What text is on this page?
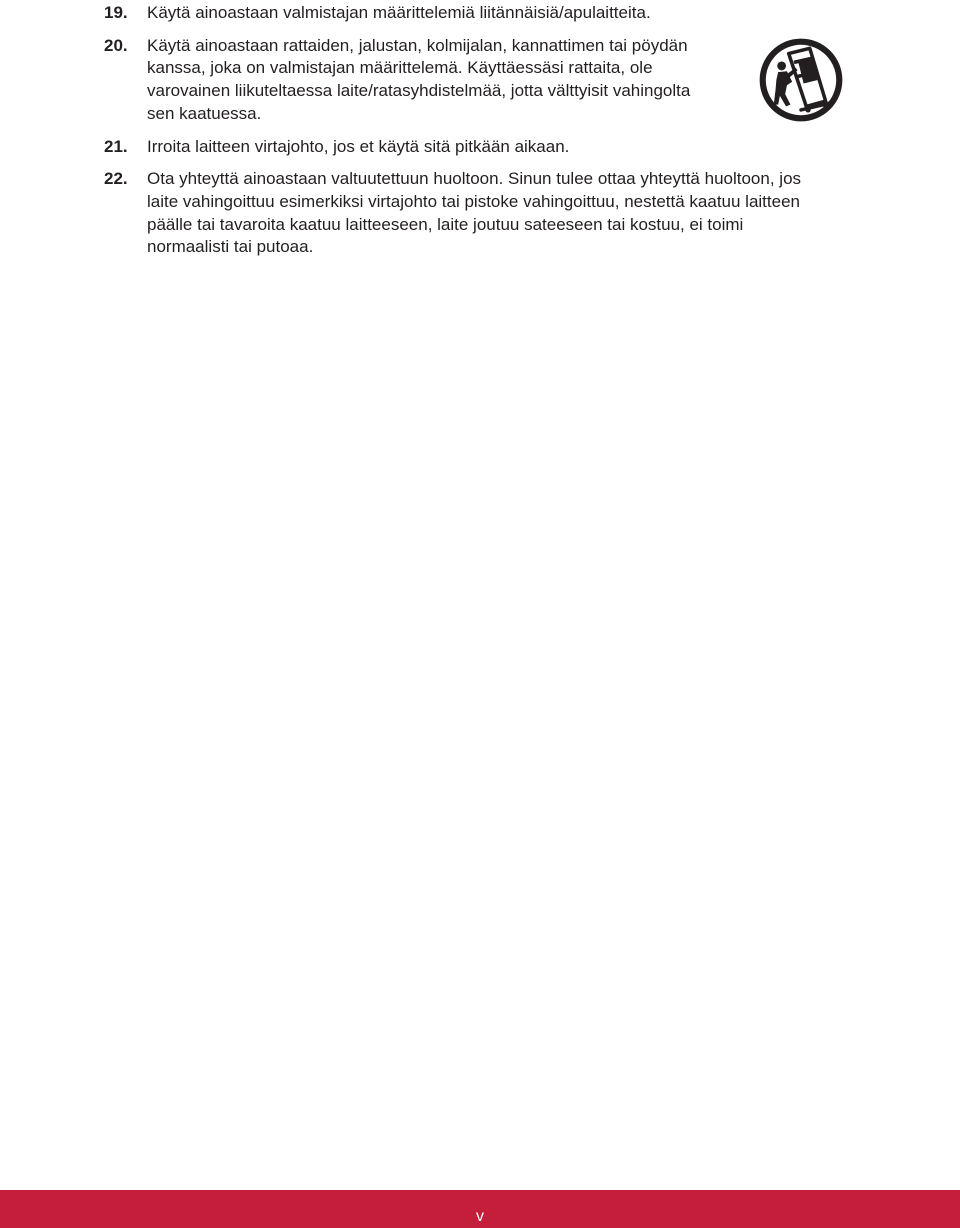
19.	Käytä ainoastaan valmistajan määrittelemiä liitännäisiä/apulaitteita.
20.	Käytä ainoastaan rattaiden, jalustan, kolmijalan, kannattimen tai pöydän kanssa, joka on valmistajan määrittelemä. Käyttäessäsi rattaita, ole varovainen liikuteltaessa laite/ratasyhdistelmää, jotta välttyisit vahingolta sen kaatuessa.
21.	Irroita laitteen virtajohto, jos et käytä sitä pitkään aikaan.
22.	Ota yhteyttä ainoastaan valtuutettuun huoltoon. Sinun tulee ottaa yhteyttä huoltoon, jos laite vahingoittuu esimerkiksi virtajohto tai pistoke vahingoittuu, nestettä kaatuu laitteen päälle tai tavaroita kaatuu laitteeseen, laite joutuu sateeseen tai kostuu, ei toimi normaalisti tai putoaa.
v
